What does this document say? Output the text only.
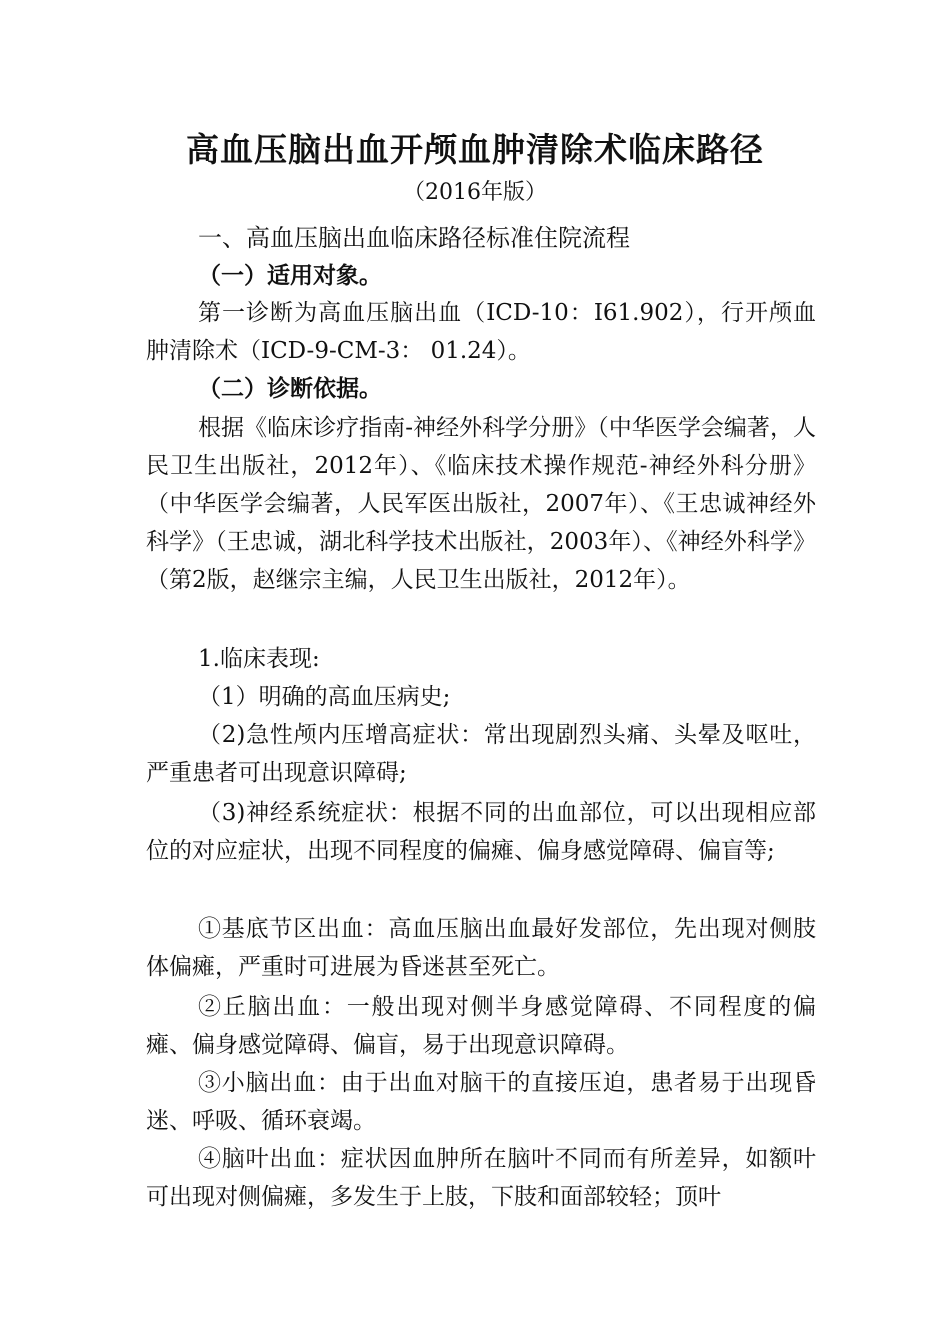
高血压脑出血开颅血肿清除术临床路径
（2016年版）
一、高血压脑出血临床路径标准住院流程
（一）适用对象。

第一诊断为高血压脑出血（ICD-10：I61.902），行开颅血肿清除术（ICD-9-CM-3： 01.24）。

（二）诊断依据。

根据《临床诊疗指南-神经外科学分册》（中华医学会编著，人民卫生出版社，2012年）、《临床技术操作规范-神经外科分册》（中华医学会编著，人民军医出版社，2007年）、《王忠诚神经外科学》（王忠诚，湖北科学技术出版社，2003年）、《神经外科学》（第2版，赵继宗主编，人民卫生出版社，2012年）。

1.临床表现:

（1）明确的高血压病史;

（2)急性颅内压增高症状：常出现剧烈头痛、头晕及呕吐，严重患者可出现意识障碍;

（3)神经系统症状：根据不同的出血部位，可以出现相应部位的对应症状，出现不同程度的偏瘫、偏身感觉障碍、偏盲等;

①基底节区出血：高血压脑出血最好发部位，先出现对侧肢体偏瘫，严重时可进展为昏迷甚至死亡。

②丘脑出血：一般出现对侧半身感觉障碍、不同程度的偏瘫、偏身感觉障碍、偏盲，易于出现意识障碍。

③小脑出血：由于出血对脑干的直接压迫，患者易于出现昏迷、呼吸、循环衰竭。

④脑叶出血：症状因血肿所在脑叶不同而有所差异，如额叶可出现对侧偏瘫，多发生于上肢，下肢和面部较轻；顶叶
